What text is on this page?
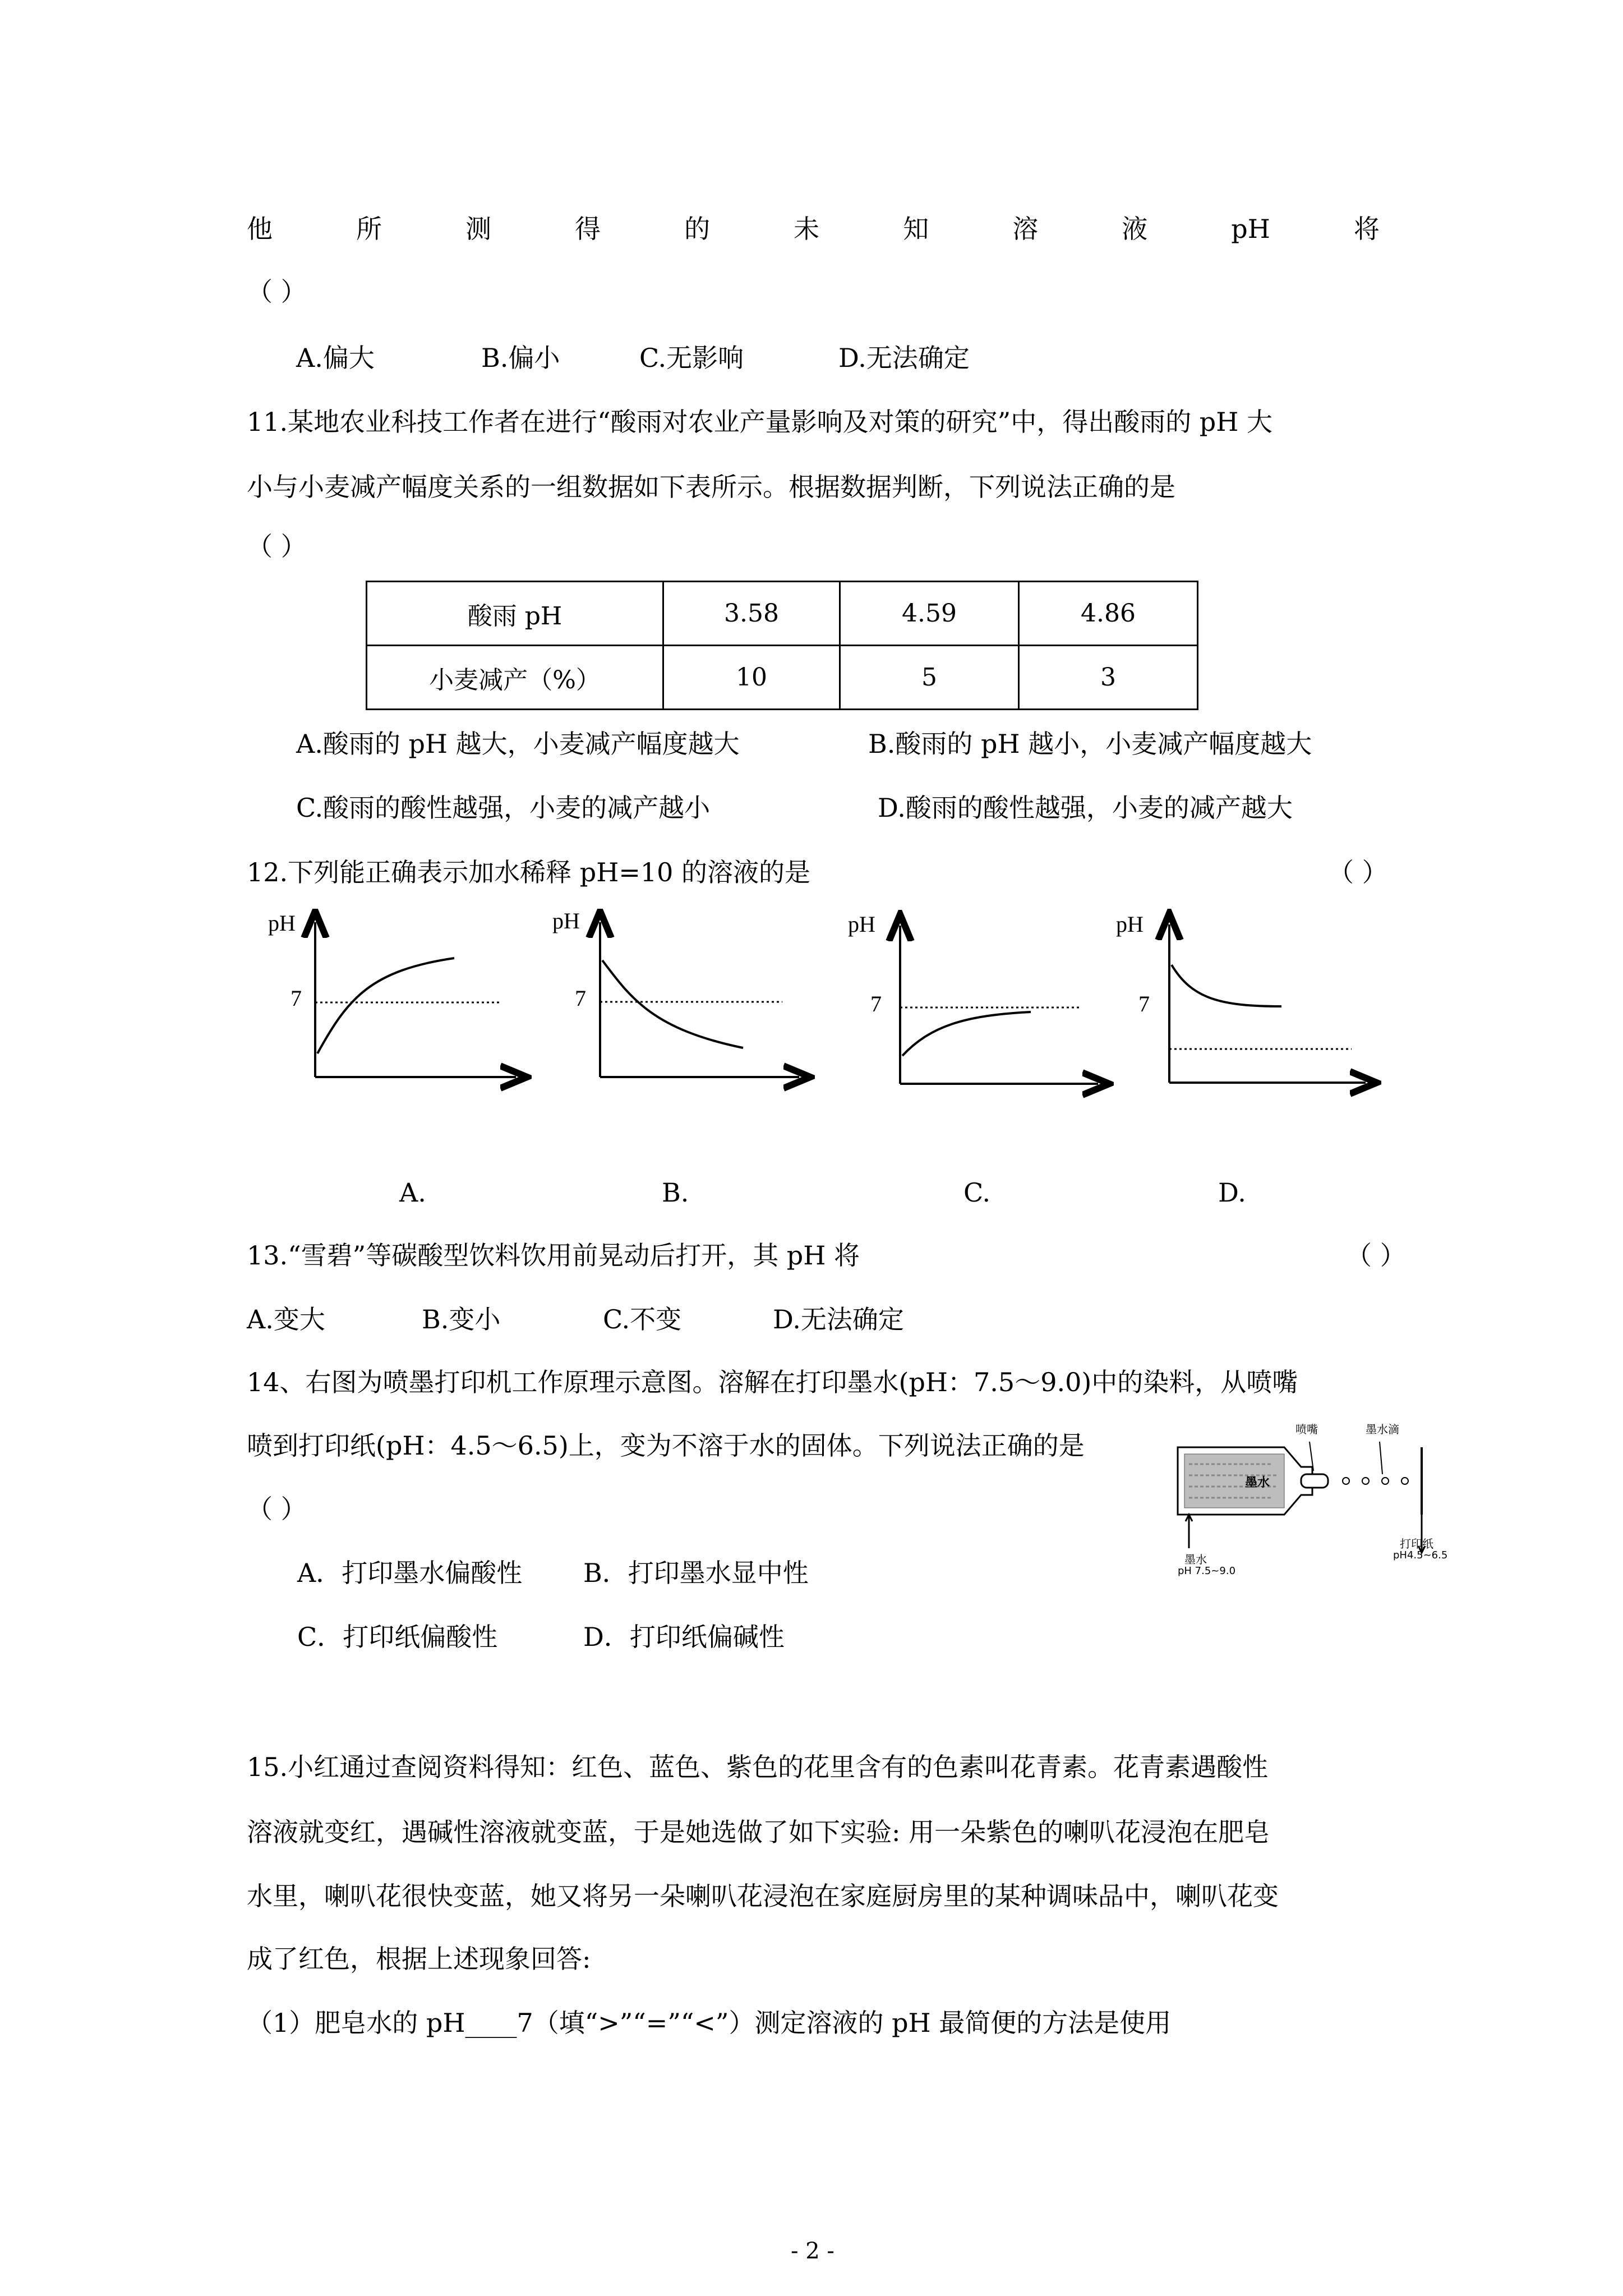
他	所	测	得	的	未	知	溶	液	pH	将
（ ）
A.偏大	B.偏小	C.无影响	D.无法确定
11.某地农业科技工作者在进行“酸雨对农业产量影响及对策的研究”中，得出酸雨的 pH 大
小与小麦减产幅度关系的一组数据如下表所示。根据数据判断，下列说法正确的是
（ ）
酸雨 pH	3.58	4.59	4.86
小麦减产（%）	10	5	3
A.酸雨的 pH 越大，小麦减产幅度越大	B.酸雨的 pH 越小，小麦减产幅度越大
C.酸雨的酸性越强，小麦的减产越小	D.酸雨的酸性越强，小麦的减产越大
12.下列能正确表示加水稀释 pH=10 的溶液的是	（ ）
pH
7
pH
7
pH
7
pH
7
A.	B.	C.	D.
13.“雪碧”等碳酸型饮料饮用前晃动后打开，其 pH 将	（ ）
A.变大	B.变小	C.不变	D.无法确定
14、右图为喷墨打印机工作原理示意图。溶解在打印墨水(pH：7.5～9.0)中的染料，从喷嘴
喷到打印纸(pH：4.5～6.5)上，变为不溶于水的固体。下列说法正确的是
（ ）
喷嘴	墨水滴
墨水
墨水
pH 7.5~9.0
打印纸
pH4.5~6.5
A．打印墨水偏酸性 B．打印墨水显中性
C．打印纸偏酸性	D．打印纸偏碱性
15.小红通过查阅资料得知：红色、蓝色、紫色的花里含有的色素叫花青素。花青素遇酸性
溶液就变红，遇碱性溶液就变蓝，于是她选做了如下实验: 用一朵紫色的喇叭花浸泡在肥皂
水里，喇叭花很快变蓝，她又将另一朵喇叭花浸泡在家庭厨房里的某种调味品中，喇叭花变
成了红色，根据上述现象回答:
（1）肥皂水的 pH____7（填“>”“=”“<”）测定溶液的 pH 最简便的方法是使用
- 2 -
